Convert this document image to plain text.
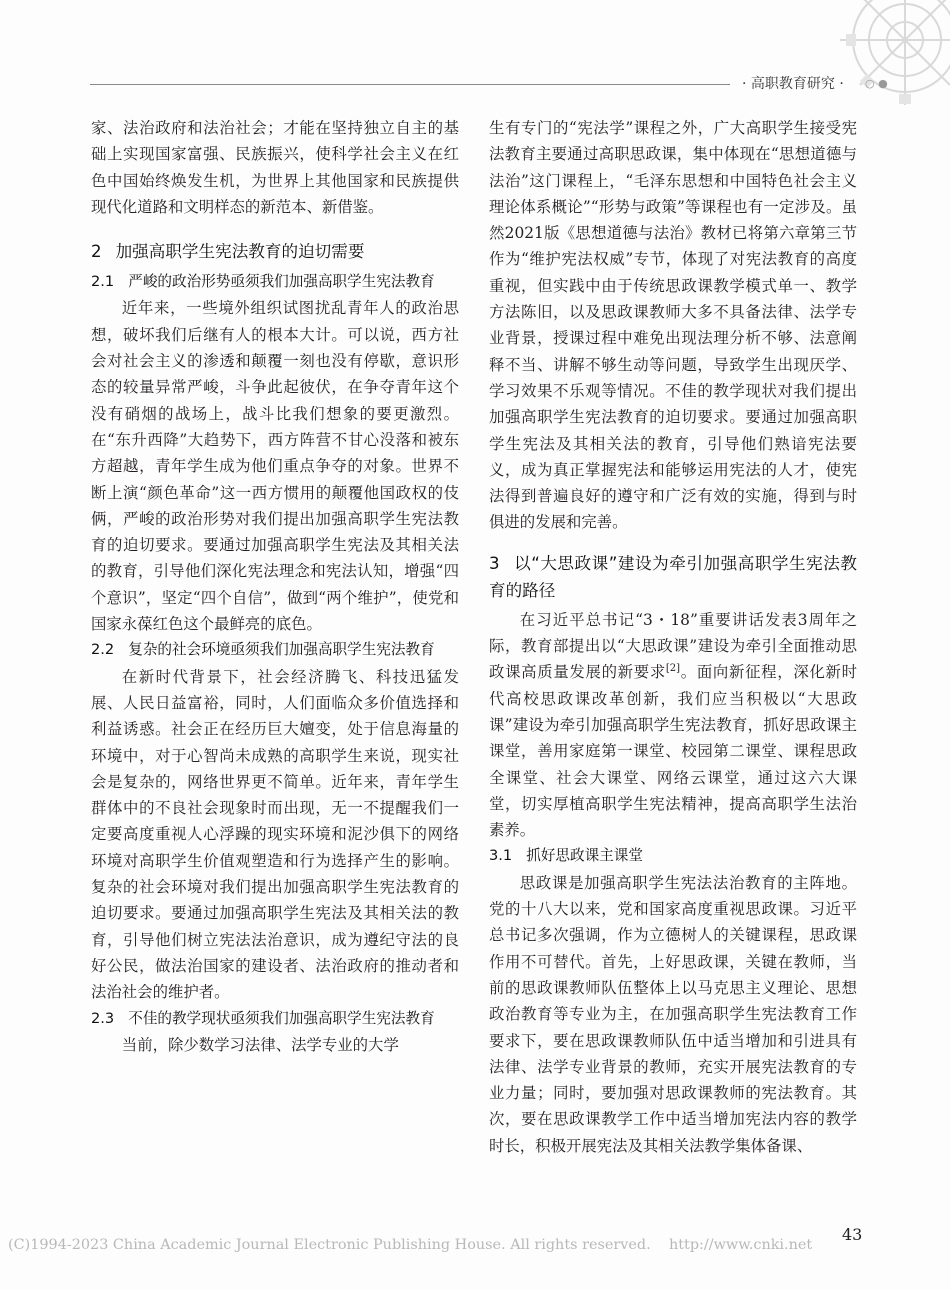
· 高职教育研究 · ○ ●

家、法治政府和法治社会；才能在坚持独立自主的基础上实现国家富强、民族振兴，使科学社会主义在红色中国始终焕发生机，为世界上其他国家和民族提供现代化道路和文明样态的新范本、新借鉴。

2 加强高职学生宪法教育的迫切需要
2.1 严峻的政治形势亟须我们加强高职学生宪法教育

近年来，一些境外组织试图扰乱青年人的政治思想，破坏我们后继有人的根本大计。可以说，西方社会对社会主义的渗透和颠覆一刻也没有停歇，意识形态的较量异常严峻，斗争此起彼伏，在争夺青年这个没有硝烟的战场上，战斗比我们想象的要更激烈。在“东升西降”大趋势下，西方阵营不甘心没落和被东方超越，青年学生成为他们重点争夺的对象。世界不断上演“颜色革命”这一西方惯用的颠覆他国政权的伎俩，严峻的政治形势对我们提出加强高职学生宪法教育的迫切要求。要通过加强高职学生宪法及其相关法的教育，引导他们深化宪法理念和宪法认知，增强“四个意识”，坚定“四个自信”，做到“两个维护”，使党和国家永葆红色这个最鲜亮的底色。

2.2 复杂的社会环境亟须我们加强高职学生宪法教育

在新时代背景下，社会经济腾飞、科技迅猛发展、人民日益富裕，同时，人们面临众多价值选择和利益诱惑。社会正在经历巨大嬗变，处于信息海量的环境中，对于心智尚未成熟的高职学生来说，现实社会是复杂的，网络世界更不简单。近年来，青年学生群体中的不良社会现象时而出现，无一不提醒我们一定要高度重视人心浮躁的现实环境和泥沙俱下的网络环境对高职学生价值观塑造和行为选择产生的影响。复杂的社会环境对我们提出加强高职学生宪法教育的迫切要求。要通过加强高职学生宪法及其相关法的教育，引导他们树立宪法法治意识，成为遵纪守法的良好公民，做法治国家的建设者、法治政府的推动者和法治社会的维护者。

2.3 不佳的教学现状亟须我们加强高职学生宪法教育

当前，除少数学习法律、法学专业的大学

生有专门的“宪法学”课程之外，广大高职学生接受宪法教育主要通过高职思政课，集中体现在“思想道德与法治”这门课程上，“毛泽东思想和中国特色社会主义理论体系概论”“形势与政策”等课程也有一定涉及。虽然2021版《思想道德与法治》教材已将第六章第三节作为“维护宪法权威”专节，体现了对宪法教育的高度重视，但实践中由于传统思政课教学模式单一、教学方法陈旧，以及思政课教师大多不具备法律、法学专业背景，授课过程中难免出现法理分析不够、法意阐释不当、讲解不够生动等问题，导致学生出现厌学、学习效果不乐观等情况。不佳的教学现状对我们提出加强高职学生宪法教育的迫切要求。要通过加强高职学生宪法及其相关法的教育，引导他们熟谙宪法要义，成为真正掌握宪法和能够运用宪法的人才，使宪法得到普遍良好的遵守和广泛有效的实施，得到与时俱进的发展和完善。

3 以“大思政课”建设为牵引加强高职学生宪法教育的路径

在习近平总书记“3・18”重要讲话发表3周年之际，教育部提出以“大思政课”建设为牵引全面推动思政课高质量发展的新要求[2]。面向新征程，深化新时代高校思政课改革创新，我们应当积极以“大思政课”建设为牵引加强高职学生宪法教育，抓好思政课主课堂，善用家庭第一课堂、校园第二课堂、课程思政全课堂、社会大课堂、网络云课堂，通过这六大课堂，切实厚植高职学生宪法精神，提高高职学生法治素养。

3.1 抓好思政课主课堂

思政课是加强高职学生宪法法治教育的主阵地。党的十八大以来，党和国家高度重视思政课。习近平总书记多次强调，作为立德树人的关键课程，思政课作用不可替代。首先，上好思政课，关键在教师，当前的思政课教师队伍整体上以马克思主义理论、思想政治教育等专业为主，在加强高职学生宪法教育工作要求下，要在思政课教师队伍中适当增加和引进具有法律、法学专业背景的教师，充实开展宪法教育的专业力量；同时，要加强对思政课教师的宪法教育。其次，要在思政课教学工作中适当增加宪法内容的教学时长，积极开展宪法及其相关法教学集体备课、

(C)1994-2023 China Academic Journal Electronic Publishing House. All rights reserved.    http://www.cnki.net
43
